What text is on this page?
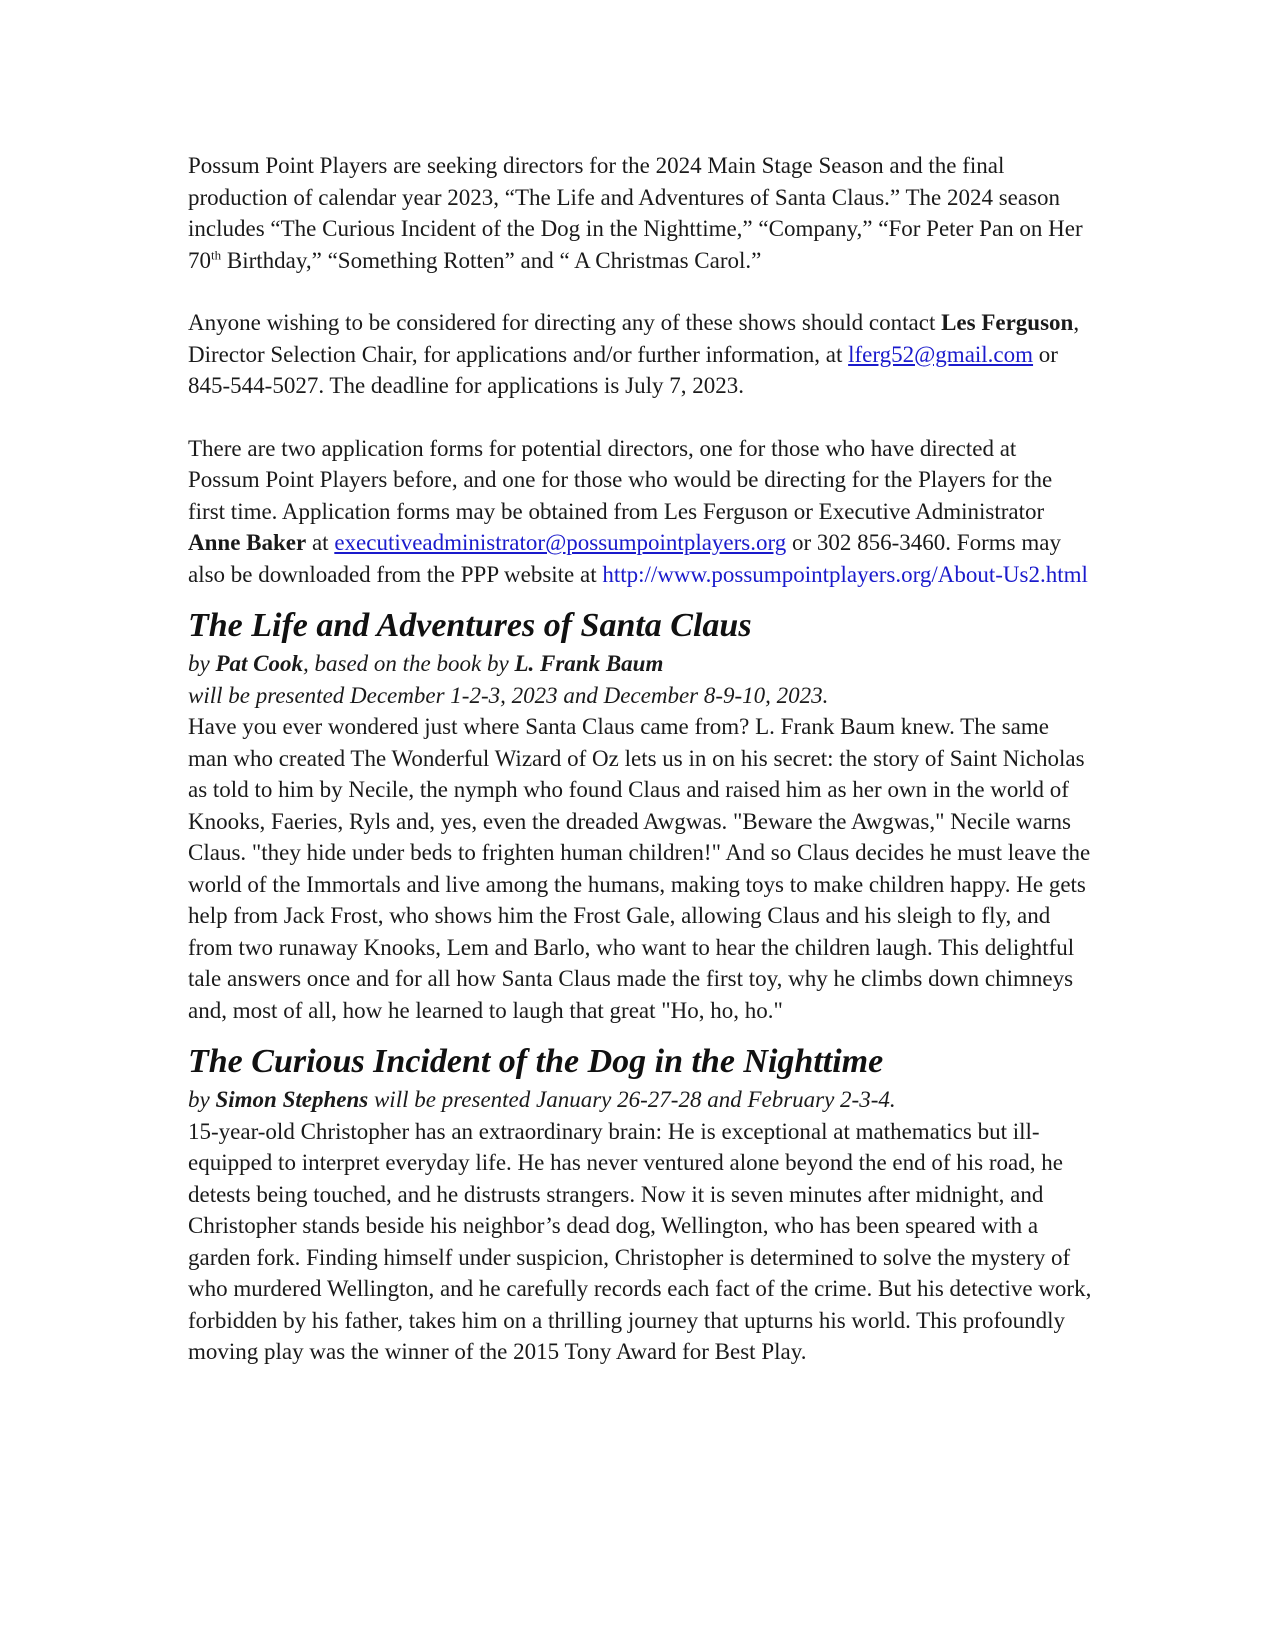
Possum Point Players are seeking directors for the 2024 Main Stage Season and the final production of calendar year 2023, “The Life and Adventures of Santa Claus.” The 2024 season includes “The Curious Incident of the Dog in the Nighttime,” “Company,” “For Peter Pan on Her 70th Birthday,” “Something Rotten” and “ A Christmas Carol.”

Anyone wishing to be considered for directing any of these shows should contact Les Ferguson, Director Selection Chair, for applications and/or further information, at lferg52@gmail.com or 845-544-5027. The deadline for applications is July 7, 2023.

There are two application forms for potential directors, one for those who have directed at Possum Point Players before, and one for those who would be directing for the Players for the first time. Application forms may be obtained from Les Ferguson or Executive Administrator Anne Baker at executiveadministrator@possumpointplayers.org or 302 856-3460. Forms may also be downloaded from the PPP website at http://www.possumpointplayers.org/About-Us2.html

The Life and Adventures of Santa Claus

by Pat Cook, based on the book by L. Frank Baum

will be presented December 1-2-3, 2023 and December 8-9-10, 2023.

Have you ever wondered just where Santa Claus came from? L. Frank Baum knew. The same man who created The Wonderful Wizard of Oz lets us in on his secret: the story of Saint Nicholas as told to him by Necile, the nymph who found Claus and raised him as her own in the world of Knooks, Faeries, Ryls and, yes, even the dreaded Awgwas. "Beware the Awgwas," Necile warns Claus. "they hide under beds to frighten human children!" And so Claus decides he must leave the world of the Immortals and live among the humans, making toys to make children happy. He gets help from Jack Frost, who shows him the Frost Gale, allowing Claus and his sleigh to fly, and from two runaway Knooks, Lem and Barlo, who want to hear the children laugh. This delightful tale answers once and for all how Santa Claus made the first toy, why he climbs down chimneys and, most of all, how he learned to laugh that great "Ho, ho, ho."

The Curious Incident of the Dog in the Nighttime

by Simon Stephens will be presented January 26-27-28 and February 2-3-4.

15-year-old Christopher has an extraordinary brain: He is exceptional at mathematics but ill-equipped to interpret everyday life. He has never ventured alone beyond the end of his road, he detests being touched, and he distrusts strangers. Now it is seven minutes after midnight, and Christopher stands beside his neighbor’s dead dog, Wellington, who has been speared with a garden fork. Finding himself under suspicion, Christopher is determined to solve the mystery of who murdered Wellington, and he carefully records each fact of the crime. But his detective work, forbidden by his father, takes him on a thrilling journey that upturns his world. This profoundly moving play was the winner of the 2015 Tony Award for Best Play.
